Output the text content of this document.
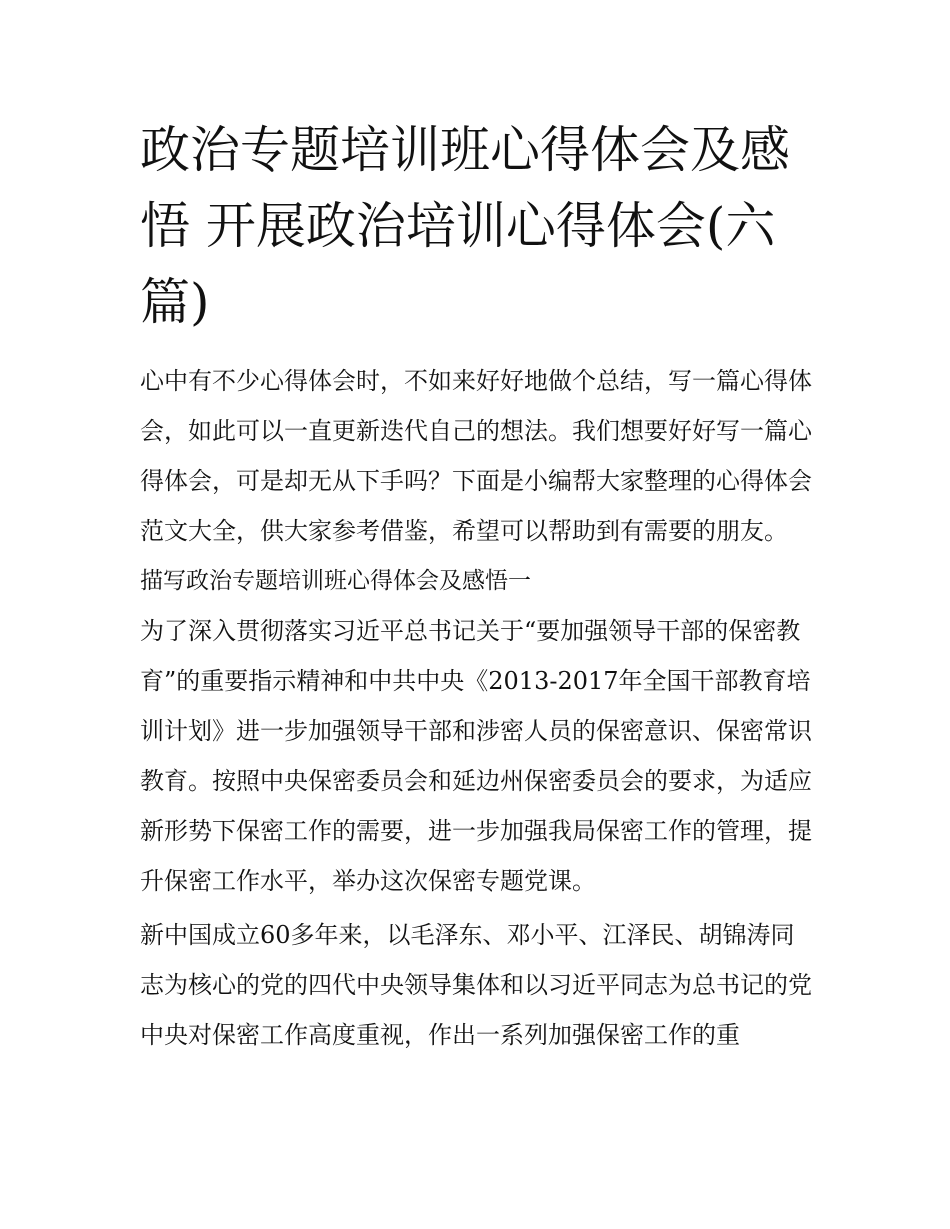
政治专题培训班心得体会及感悟 开展政治培训心得体会(六篇)

心中有不少心得体会时，不如来好好地做个总结，写一篇心得体会，如此可以一直更新迭代自己的想法。我们想要好好写一篇心得体会，可是却无从下手吗？下面是小编帮大家整理的心得体会范文大全，供大家参考借鉴，希望可以帮助到有需要的朋友。

描写政治专题培训班心得体会及感悟一

为了深入贯彻落实习近平总书记关于“要加强领导干部的保密教育”的重要指示精神和中共中央《2013-2017年全国干部教育培训计划》进一步加强领导干部和涉密人员的保密意识、保密常识教育。按照中央保密委员会和延边州保密委员会的要求，为适应新形势下保密工作的需要，进一步加强我局保密工作的管理，提升保密工作水平，举办这次保密专题党课。

新中国成立60多年来，以毛泽东、邓小平、江泽民、胡锦涛同志为核心的党的四代中央领导集体和以习近平同志为总书记的党中央对保密工作高度重视，作出一系列加强保密工作的重
